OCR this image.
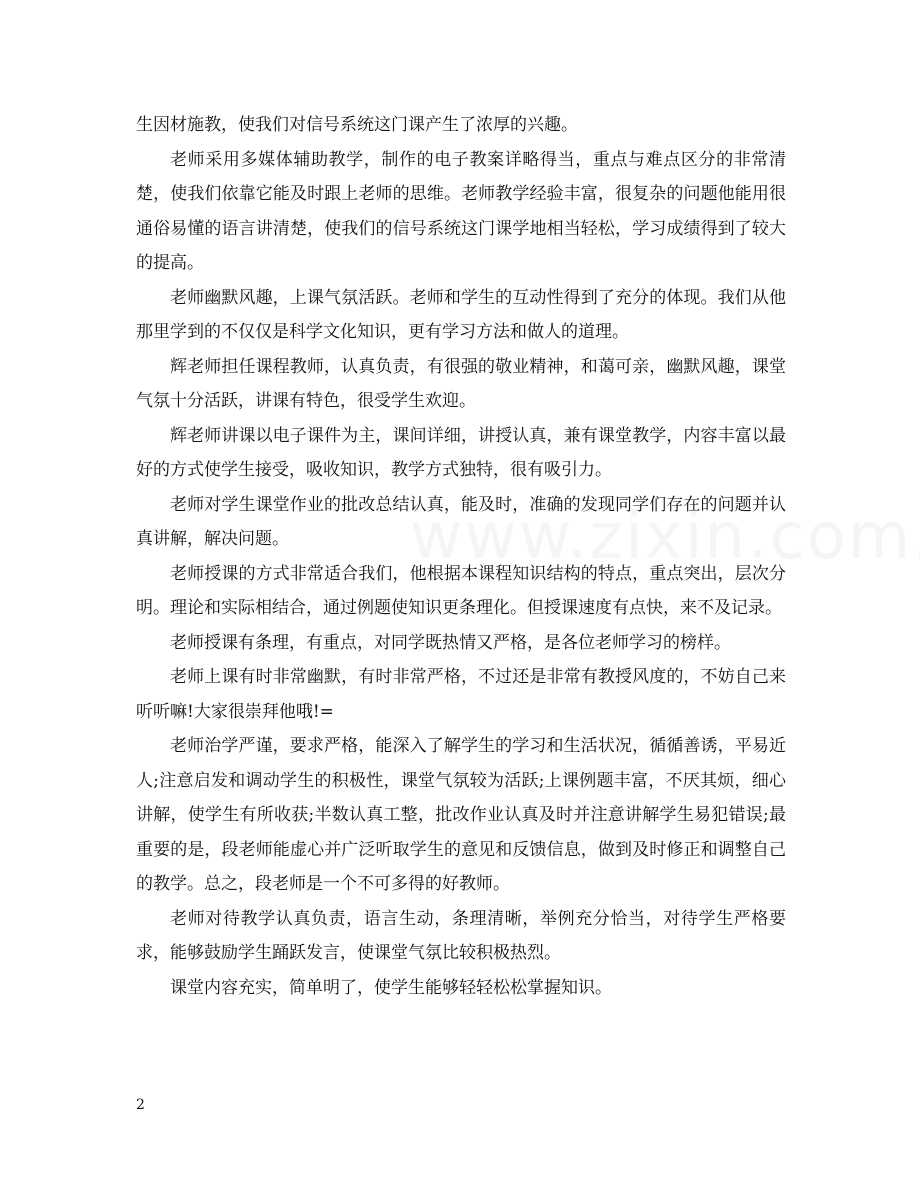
生因材施教，使我们对信号系统这门课产生了浓厚的兴趣。

老师采用多媒体辅助教学，制作的电子教案详略得当，重点与难点区分的非常清楚，使我们依靠它能及时跟上老师的思维。老师教学经验丰富，很复杂的问题他能用很通俗易懂的语言讲清楚，使我们的信号系统这门课学地相当轻松，学习成绩得到了较大的提高。

老师幽默风趣，上课气氛活跃。老师和学生的互动性得到了充分的体现。我们从他那里学到的不仅仅是科学文化知识，更有学习方法和做人的道理。

辉老师担任课程教师，认真负责，有很强的敬业精神，和蔼可亲，幽默风趣，课堂气氛十分活跃，讲课有特色，很受学生欢迎。

辉老师讲课以电子课件为主，课间详细，讲授认真，兼有课堂教学，内容丰富以最好的方式使学生接受，吸收知识，教学方式独特，很有吸引力。

老师对学生课堂作业的批改总结认真，能及时，准确的发现同学们存在的问题并认真讲解，解决问题。

老师授课的方式非常适合我们，他根据本课程知识结构的特点，重点突出，层次分明。理论和实际相结合，通过例题使知识更条理化。但授课速度有点快，来不及记录。

老师授课有条理，有重点，对同学既热情又严格，是各位老师学习的榜样。

老师上课有时非常幽默，有时非常严格，不过还是非常有教授风度的，不妨自己来听听嘛!大家很崇拜他哦!=

老师治学严谨，要求严格，能深入了解学生的学习和生活状况，循循善诱，平易近人;注意启发和调动学生的积极性，课堂气氛较为活跃;上课例题丰富，不厌其烦，细心讲解，使学生有所收获;半数认真工整，批改作业认真及时并注意讲解学生易犯错误;最重要的是，段老师能虚心并广泛听取学生的意见和反馈信息，做到及时修正和调整自己的教学。总之，段老师是一个不可多得的好教师。

老师对待教学认真负责，语言生动，条理清晰，举例充分恰当，对待学生严格要求，能够鼓励学生踊跃发言，使课堂气氛比较积极热烈。

课堂内容充实，简单明了，使学生能够轻轻松松掌握知识。

2
